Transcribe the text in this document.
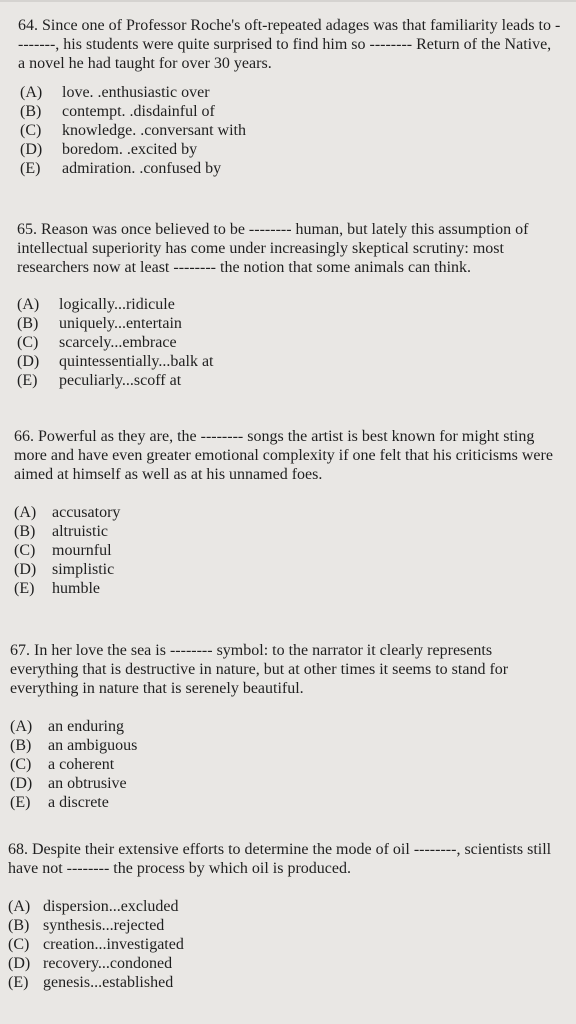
64. Since one of Professor Roche's oft-repeated adages was that familiarity leads to --------, his students were quite surprised to find him so -------- Return of the Native, a novel he had taught for over 30 years.

(A)	love. .enthusiastic over
(B)	contempt. .disdainful of
(C)	knowledge. .conversant with
(D)	boredom. .excited by
(E)	admiration. .confused by

65. Reason was once believed to be -------- human, but lately this assumption of intellectual superiority has come under increasingly skeptical scrutiny: most researchers now at least -------- the notion that some animals can think.

(A)	logically...ridicule
(B)	uniquely...entertain
(C)	scarcely...embrace
(D)	quintessentially...balk at
(E)	peculiarly...scoff at

66. Powerful as they are, the -------- songs the artist is best known for might sting more and have even greater emotional complexity if one felt that his criticisms were aimed at himself as well as at his unnamed foes.

(A) accusatory
(B)	altruistic
(C)	mournful
(D) simplistic
(E)	humble

67. In her love the sea is -------- symbol: to the narrator it clearly represents everything that is destructive in nature, but at other times it seems to stand for everything in nature that is serenely beautiful.

(A) an enduring
(B)	an ambiguous
(C)	a coherent
(D) an obtrusive
(E)	a discrete

68. Despite their extensive efforts to determine the mode of oil --------, scientists still have not -------- the process by which oil is produced.

(A) dispersion...excluded
(B) synthesis...rejected
(C) creation...investigated
(D) recovery...condoned
(E) genesis...established
